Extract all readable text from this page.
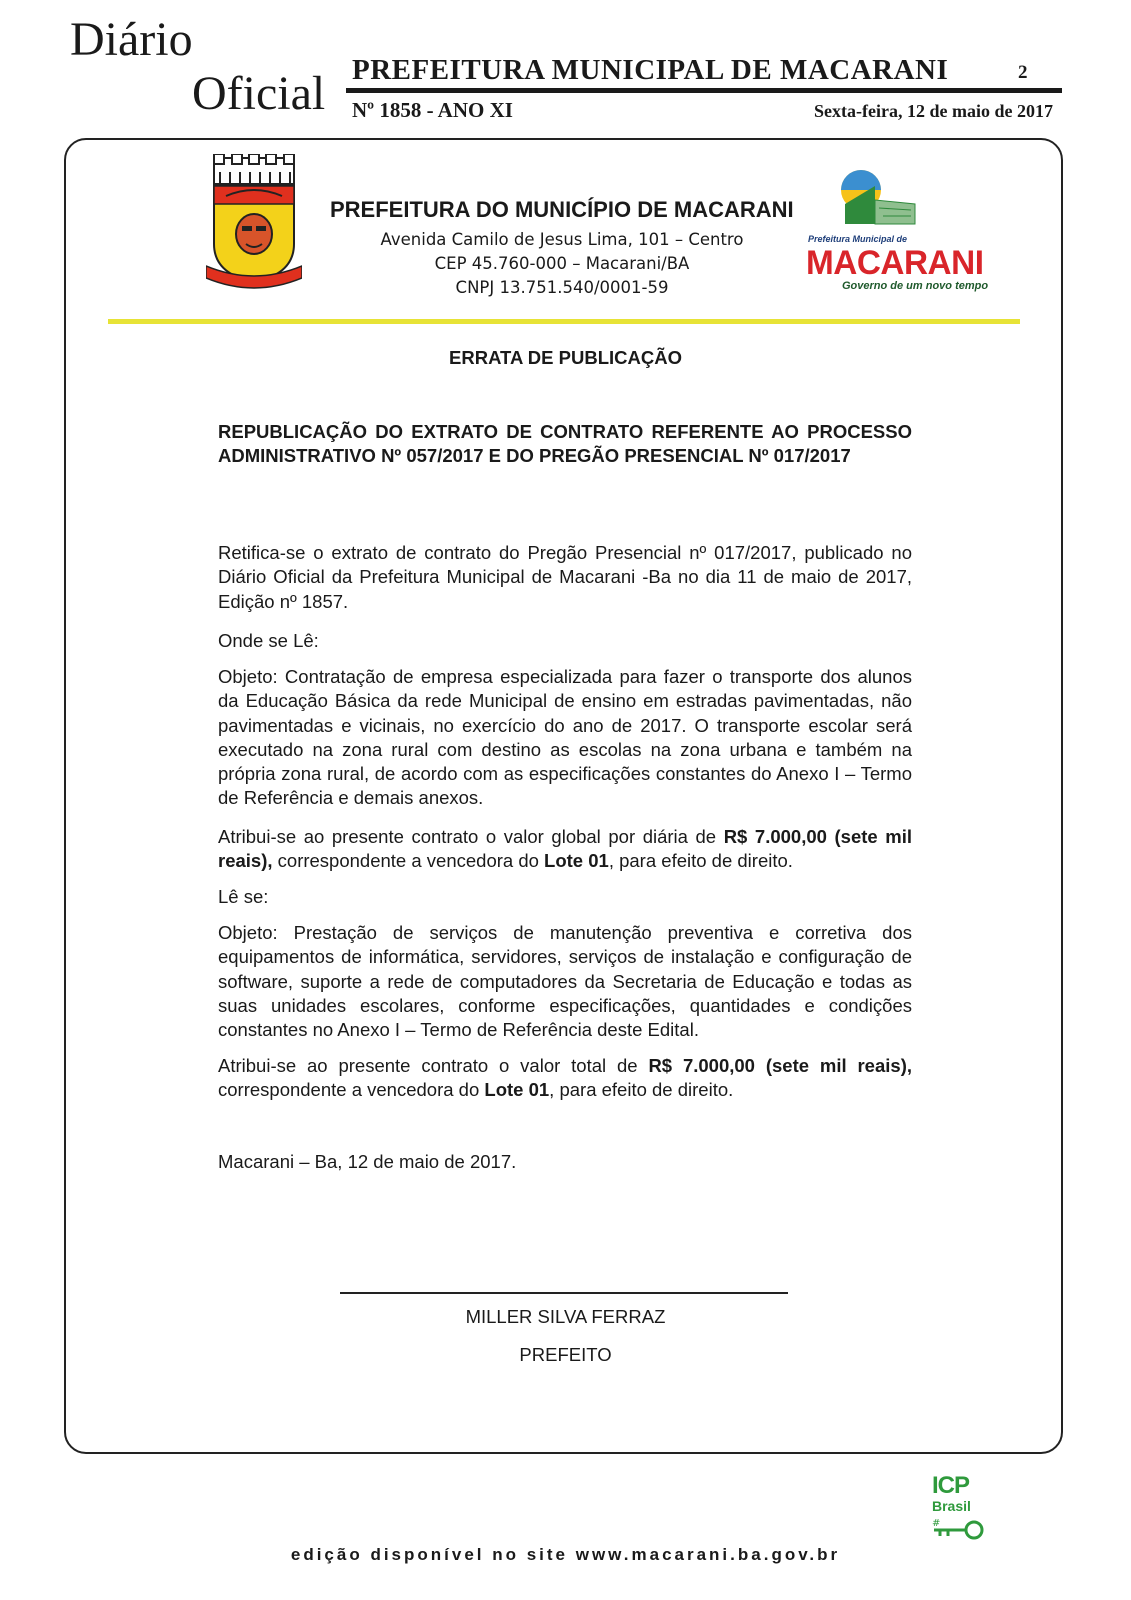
Diário
Oficial PREFEITURA MUNICIPAL DE MACARANI	2
Nº 1858 - ANO XI	Sexta-feira, 12 de maio de 2017
PREFEITURA DO MUNICÍPIO DE MACARANI
Avenida Camilo de Jesus Lima, 101 – Centro
CEP 45.760-000 – Macarani/BA
CNPJ 13.751.540/0001-59
Prefeitura Municipal de
MACARANI
Governo de um novo tempo
ERRATA DE PUBLICAÇÃO
REPUBLICAÇÃO DO EXTRATO DE CONTRATO REFERENTE AO PROCESSO ADMINISTRATIVO Nº 057/2017 E DO PREGÃO PRESENCIAL Nº 017/2017
Retifica-se o extrato de contrato do Pregão Presencial nº 017/2017, publicado no Diário Oficial da Prefeitura Municipal de Macarani -Ba no dia 11 de maio de 2017, Edição nº 1857.
Onde se Lê:
Objeto: Contratação de empresa especializada para fazer o transporte dos alunos da Educação Básica da rede Municipal de ensino em estradas pavimentadas, não pavimentadas e vicinais, no exercício do ano de 2017. O transporte escolar será executado na zona rural com destino as escolas na zona urbana e também na própria zona rural, de acordo com as especificações constantes do Anexo I – Termo de Referência e demais anexos.
Atribui-se ao presente contrato o valor global por diária de R$ 7.000,00 (sete mil reais), correspondente a vencedora do Lote 01, para efeito de direito.
Lê se:
Objeto: Prestação de serviços de manutenção preventiva e corretiva dos equipamentos de informática, servidores, serviços de instalação e configuração de software, suporte a rede de computadores da Secretaria de Educação e todas as suas unidades escolares, conforme especificações, quantidades e condições constantes no Anexo I – Termo de Referência deste Edital.
Atribui-se ao presente contrato o valor total de R$ 7.000,00 (sete mil reais), correspondente a vencedora do Lote 01, para efeito de direito.
Macarani – Ba, 12 de maio de 2017.
MILLER SILVA FERRAZ
PREFEITO
ICP
Brasil
#
edição disponível no site www.macarani.ba.gov.br
